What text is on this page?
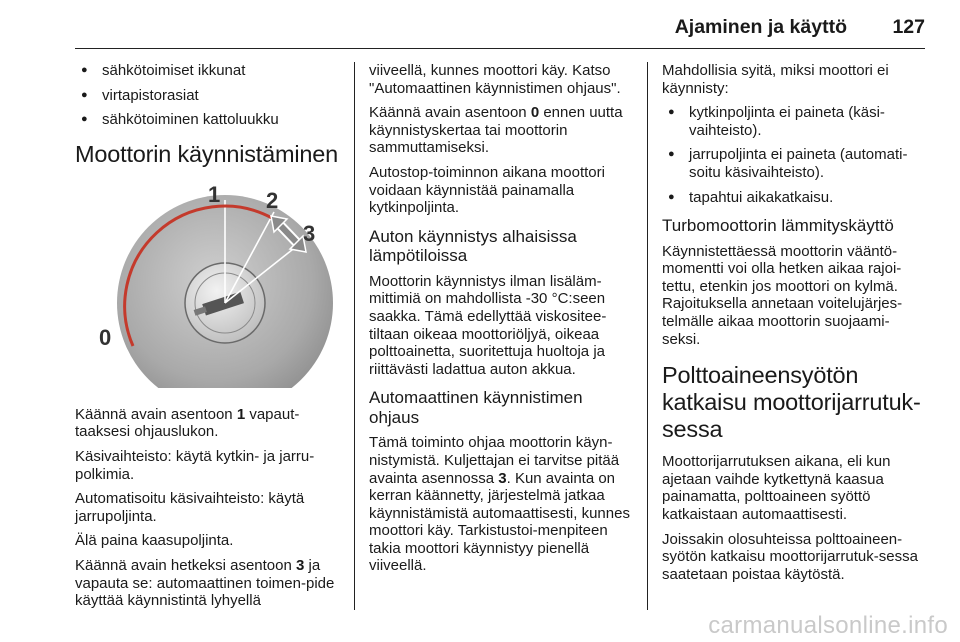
Ajaminen ja käyttö 127
● sähkötoimiset ikkunat
● virtapistorasiat
● sähkötoiminen kattoluukku
Moottorin käynnistäminen
1 2
3
0

Käännä avain asentoon 1 vapaut-taaksesi ohjauslukon.

Käsivaihteisto: käytä kytkin- ja jarru-polkimia.

Automatisoitu käsivaihteisto: käytä jarrupoljinta.

Älä paina kaasupoljinta.

Käännä avain hetkeksi asentoon 3 ja vapauta se: automaattinen toimen-pide käyttää käynnistintä lyhyellä

viiveellä, kunnes moottori käy. Katso "Automaattinen käynnistimen ohjaus".

Käännä avain asentoon 0 ennen uutta käynnistyskertaa tai moottorin sammuttamiseksi.

Autostop-toiminnon aikana moottori voidaan käynnistää painamalla kytkinpoljinta.

Auton käynnistys alhaisissa lämpötiloissa

Moottorin käynnistys ilman lisäläm-mittimiä on mahdollista -30 °C:seen saakka. Tämä edellyttää viskositee-tiltaan oikeaa moottoriöljyä, oikeaa polttoainetta, suoritettuja huoltoja ja riittävästi ladattua auton akkua.

Automaattinen käynnistimen ohjaus

Tämä toiminto ohjaa moottorin käyn-nistymistä. Kuljettajan ei tarvitse pitää avainta asennossa 3. Kun avainta on kerran käännetty, järjestelmä jatkaa käynnistämistä automaattisesti, kunnes moottori käy. Tarkistustoi-menpiteen takia moottori käynnistyy pienellä viiveellä.

Mahdollisia syitä, miksi moottori ei käynnisty:

● kytkinpoljinta ei paineta (käsi-vaihteisto).
● jarrupoljinta ei paineta (automati-soitu käsivaihteisto).
● tapahtui aikakatkaisu.
Turbomoottorin lämmityskäyttö

Käynnistettäessä moottorin vääntö-momentti voi olla hetken aikaa rajoi-tettu, etenkin jos moottori on kylmä. Rajoituksella annetaan voitelujärjes-telmälle aikaa moottorin suojaami-seksi.

Polttoaineensyötön katkaisu moottorijarrutuk-sessa

Moottorijarrutuksen aikana, eli kun ajetaan vaihde kytkettynä kaasua painamatta, polttoaineen syöttö katkaistaan automaattisesti.

Joissakin olosuhteissa polttoaineen-syötön katkaisu moottorijarrutuk-sessa saatetaan poistaa käytöstä.

carmanualsonline.info
